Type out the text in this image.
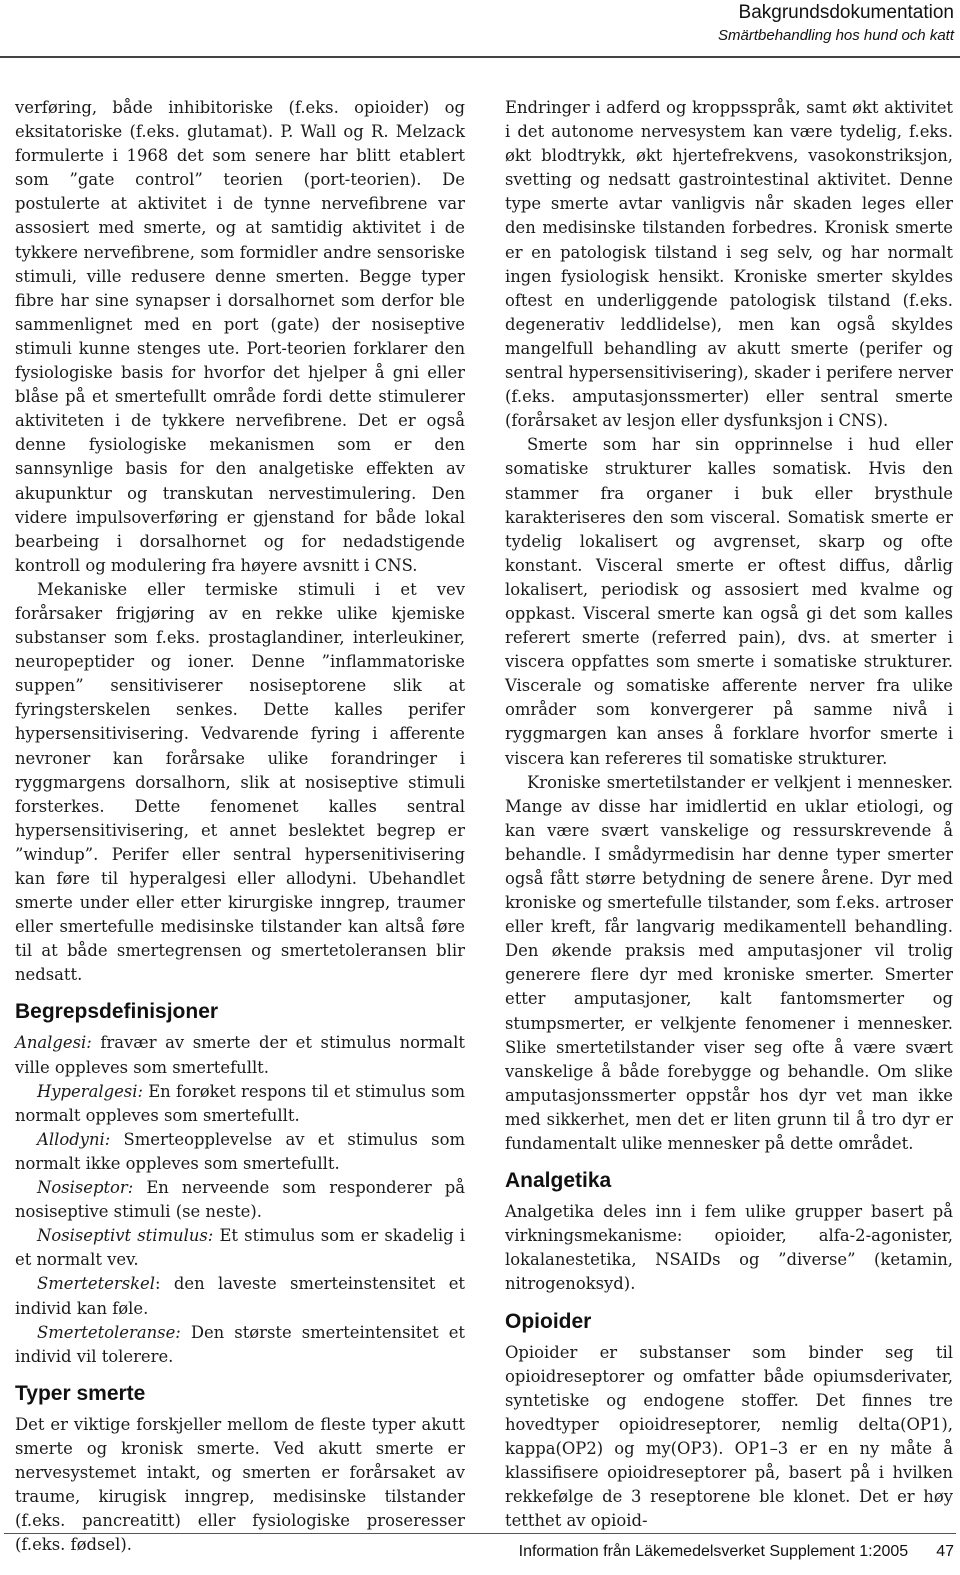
Bakgrundsdokumentation
Smärtbehandling hos hund och katt

verføring, både inhibitoriske (f.eks. opioider) og eksitatoriske (f.eks. glutamat). P. Wall og R. Melzack formulerte i 1968 det som senere har blitt etablert som ”gate control” teorien (port-teorien). De postulerte at aktivitet i de tynne nervefibrene var assosiert med smerte, og at samtidig aktivitet i de tykkere nervefibrene, som formidler andre sensoriske stimuli, ville redusere denne smerten. Begge typer fibre har sine synapser i dorsalhornet som derfor ble sammenlignet med en port (gate) der nosiseptive stimuli kunne stenges ute. Port-teorien forklarer den fysiologiske basis for hvorfor det hjelper å gni eller blåse på et smertefullt område fordi dette stimulerer aktiviteten i de tykkere nervefibrene. Det er også denne fysiologiske mekanismen som er den sannsynlige basis for den analgetiske effekten av akupunktur og transkutan nervestimulering. Den videre impulsoverføring er gjenstand for både lokal bearbeing i dorsalhornet og for nedadstigende kontroll og modulering fra høyere avsnitt i CNS.

Mekaniske eller termiske stimuli i et vev forårsaker frigjøring av en rekke ulike kjemiske substanser som f.eks. prostaglandiner, interleukiner, neuropeptider og ioner. Denne ”inflammatoriske suppen” sensitiviserer nosiseptorene slik at fyringsterskelen senkes. Dette kalles perifer hypersensitivisering. Vedvarende fyring i afferente nevroner kan forårsake ulike forandringer i ryggmargens dorsalhorn, slik at nosiseptive stimuli forsterkes. Dette fenomenet kalles sentral hypersensitivisering, et annet beslektet begrep er ”windup”. Perifer eller sentral hypersenitivisering kan føre til hyperalgesi eller allodyni. Ubehandlet smerte under eller etter kirurgiske inngrep, traumer eller smertefulle medisinske tilstander kan altså føre til at både smertegrensen og smertetoleransen blir nedsatt.

Begrepsdefinisjoner

Analgesi: fravær av smerte der et stimulus normalt ville oppleves som smertefullt.

Hyperalgesi: En forøket respons til et stimulus som normalt oppleves som smertefullt.

Allodyni: Smerteopplevelse av et stimulus som normalt ikke oppleves som smertefullt.

Nosiseptor: En nerveende som responderer på nosiseptive stimuli (se neste).

Nosiseptivt stimulus: Et stimulus som er skadelig i et normalt vev.

Smerteterskel: den laveste smerteinstensitet et individ kan føle.

Smertetoleranse: Den største smerteintensitet et individ vil tolerere.

Typer smerte

Det er viktige forskjeller mellom de fleste typer akutt smerte og kronisk smerte. Ved akutt smerte er nervesystemet intakt, og smerten er forårsaket av traume, kirugisk inngrep, medisinske tilstander (f.eks. pancreatitt) eller fysiologiske proseresser (f.eks. fødsel).

Endringer i adferd og kroppsspråk, samt økt aktivitet i det autonome nervesystem kan være tydelig, f.eks. økt blodtrykk, økt hjertefrekvens, vasokonstriksjon, svetting og nedsatt gastrointestinal aktivitet. Denne type smerte avtar vanligvis når skaden leges eller den medisinske tilstanden forbedres. Kronisk smerte er en patologisk tilstand i seg selv, og har normalt ingen fysiologisk hensikt. Kroniske smerter skyldes oftest en underliggende patologisk tilstand (f.eks. degenerativ leddlidelse), men kan også skyldes mangelfull behandling av akutt smerte (perifer og sentral hypersensitivisering), skader i perifere nerver (f.eks. amputasjonssmerter) eller sentral smerte (forårsaket av lesjon eller dysfunksjon i CNS).

Smerte som har sin opprinnelse i hud eller somatiske strukturer kalles somatisk. Hvis den stammer fra organer i buk eller brysthule karakteriseres den som visceral. Somatisk smerte er tydelig lokalisert og avgrenset, skarp og ofte konstant. Visceral smerte er oftest diffus, dårlig lokalisert, periodisk og assosiert med kvalme og oppkast. Visceral smerte kan også gi det som kalles referert smerte (referred pain), dvs. at smerter i viscera oppfattes som smerte i somatiske strukturer. Viscerale og somatiske afferente nerver fra ulike områder som konvergerer på samme nivå i ryggmargen kan anses å forklare hvorfor smerte i viscera kan refereres til somatiske strukturer.

Kroniske smertetilstander er velkjent i mennesker. Mange av disse har imidlertid en uklar etiologi, og kan være svært vanskelige og ressurskrevende å behandle. I smådyrmedisin har denne typer smerter også fått større betydning de senere årene. Dyr med kroniske og smertefulle tilstander, som f.eks. artroser eller kreft, får langvarig medikamentell behandling. Den økende praksis med amputasjoner vil trolig generere flere dyr med kroniske smerter. Smerter etter amputasjoner, kalt fantomsmerter og stumpsmerter, er velkjente fenomener i mennesker. Slike smertetilstander viser seg ofte å være svært vanskelige å både forebygge og behandle. Om slike amputasjonssmerter oppstår hos dyr vet man ikke med sikkerhet, men det er liten grunn til å tro dyr er fundamentalt ulike mennesker på dette området.

Analgetika

Analgetika deles inn i fem ulike grupper basert på virkningsmekanisme: opioider, alfa-2-agonister, lokalanestetika, NSAIDs og ”diverse” (ketamin, nitrogenoksyd).

Opioider

Opioider er substanser som binder seg til opioidreseptorer og omfatter både opiumsderivater, syntetiske og endogene stoffer. Det finnes tre hovedtyper opioidreseptorer, nemlig delta(OP1), kappa(OP2) og my(OP3). OP1–3 er en ny måte å klassifisere opioidreseptorer på, basert på i hvilken rekkefølge de 3 reseptorene ble klonet. Det er høy tetthet av opioid-

Information från Läkemedelsverket Supplement 1:2005 47
